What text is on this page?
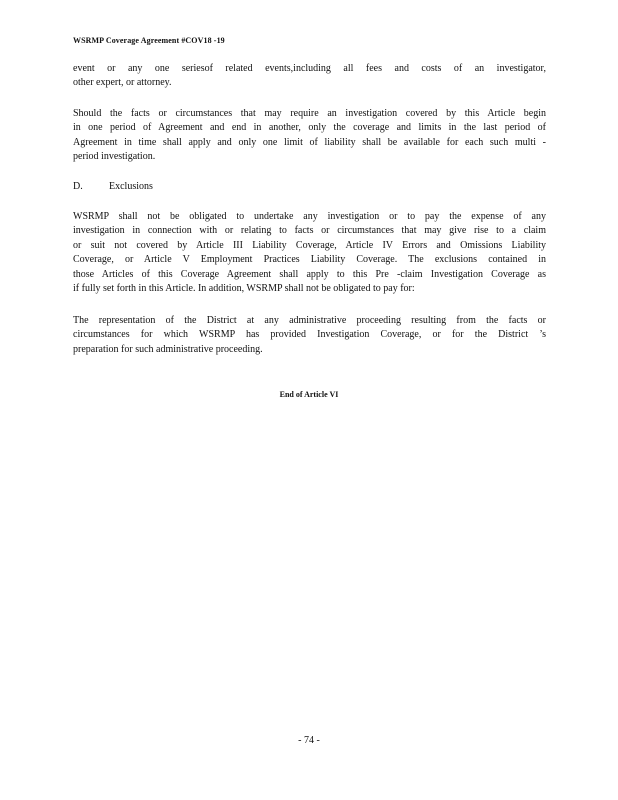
WSRMP Coverage Agreement #COV18 -19
event or any one seriesof related events,including all fees and costs of an investigator,
other expert, or attorney.
Should the facts or circumstances that may require an investigation covered by this Article begin
in one period of Agreement and end in another, only the coverage and limits in the last period of
Agreement in time shall apply and only one limit of liability shall be available for each such multi -
period investigation.
D.	Exclusions
WSRMP shall not be obligated to undertake any investigation or to pay the expense of any
investigation in connection with or relating to facts or circumstances that may give rise to a claim
or suit not covered by Article III Liability Coverage, Article IV Errors and Omissions Liability
Coverage, or Article V Employment Practices Liability Coverage. The exclusions contained in
those Articles of this Coverage Agreement shall apply to this Pre -claim Investigation Coverage as
if fully set forth in this Article. In addition, WSRMP shall not be obligated to pay for:
The representation of the District at any administrative proceeding resulting from the facts or
circumstances for which WSRMP has provided Investigation Coverage, or for the District ’s
preparation for such administrative proceeding.
End of Article VI
- 74 -
